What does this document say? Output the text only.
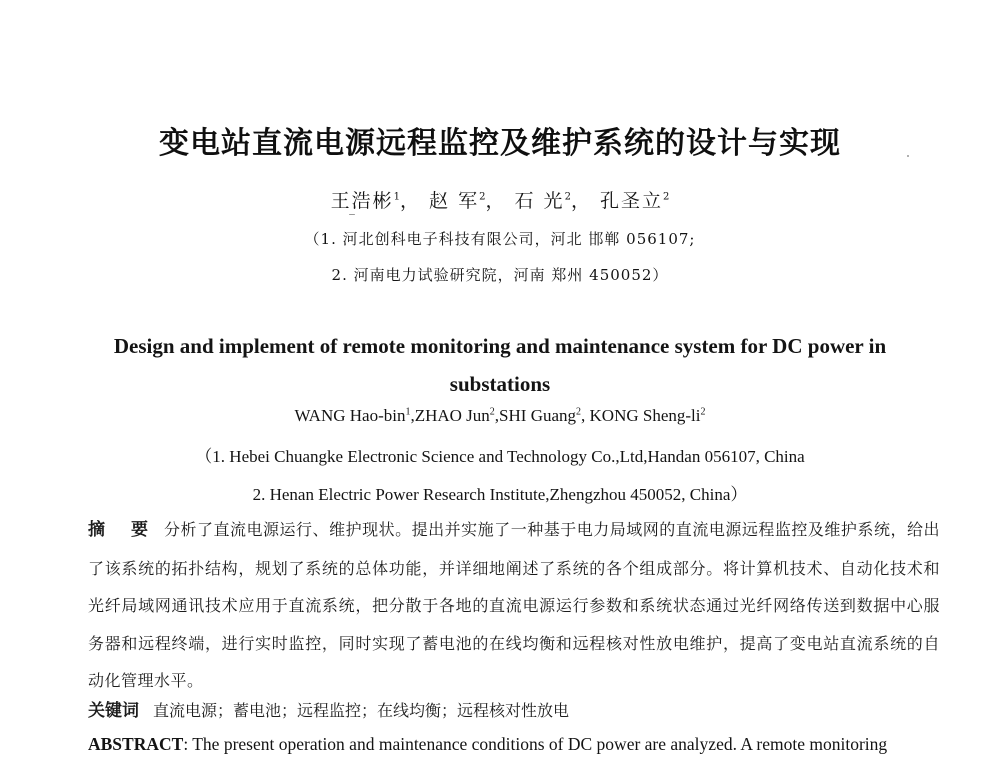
变电站直流电源远程监控及维护系统的设计与实现
王浩彬$^1$， 赵 军$^2$， 石 光$^2$， 孔圣立$^2$
（1. 河北创科电子科技有限公司，河北 邯郸 056107;
2. 河南电力试验研究院，河南 郑州 450052）
Design and implement of remote monitoring and maintenance system for DC power in
substations
WANG Hao-bin$^1$,ZHAO Jun$^2$,SHI Guang$^2$, KONG Sheng-$li^2$
（1. Hebei Chuangke Electronic Science and Technology Co.,Ltd,Handan 056107, China
2. Henan Electric Power Research Institute,Zhengzhou 450052, China）
摘 要 分析了直流电源运行、维护现状。提出并实施了一种基于电力局域网的直流电源远程监控及维护系统，给出了该系统的拓扑结构，规划了系统的总体功能，并详细地阐述了系统的各个组成部分。将计算机技术、自动化技术和光纤局域网通讯技术应用于直流系统，把分散于各地的直流电源运行参数和系统状态通过光纤网络传送到数据中心服务器和远程终端，进行实时监控，同时实现了蓄电池的在线均衡和远程核对性放电维护，提高了变电站直流系统的自动化管理水平。
关键词 直流电源；蓄电池；远程监控；在线均衡；远程核对性放电
ABSTRACT: The present operation and maintenance conditions of DC power are analyzed. A remote monitoring
